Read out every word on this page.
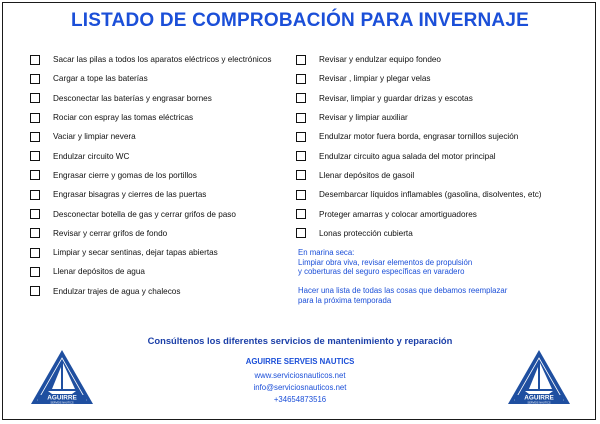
LISTADO DE COMPROBACIÓN PARA INVERNAJE
Sacar las pilas a todos los aparatos eléctricos y electrónicos
Cargar a tope las baterías
Desconectar las baterías y engrasar bornes
Rociar con espray las tomas eléctricas
Vaciar y limpiar nevera
Endulzar circuito WC
Engrasar cierre y gomas de los portillos
Engrasar bisagras y cierres de las puertas
Desconectar botella de gas y cerrar grifos de paso
Revisar y cerrar grifos de fondo
Limpiar y secar sentinas, dejar tapas abiertas
Llenar depósitos de agua
Endulzar trajes de agua y chalecos
Revisar y endulzar equipo fondeo
Revisar , limpiar y plegar velas
Revisar, limpiar y guardar drizas y escotas
Revisar y limpiar auxiliar
Endulzar motor fuera borda, engrasar tornillos sujeción
Endulzar circuito agua salada del motor principal
Llenar depósitos de gasoil
Desembarcar líquidos inflamables (gasolina, disolventes, etc)
Proteger amarras y colocar amortiguadores
Lonas protección cubierta
En marina seca:
Limpiar obra viva, revisar elementos de propulsión
y coberturas del seguro específicas en varadero
Hacer una lista de todas las cosas que debamos reemplazar
para la próxima temporada
Consúltenos los diferentes servicios de mantenimiento y reparación
AGUIRRE SERVEIS NAUTICS
www.serviciosnauticos.net
info@serviciosnauticos.net
+34654873516
AGUIRRE
SERVEIS NAUTICS
AGUIRRE
SERVEIS NAUTICS
